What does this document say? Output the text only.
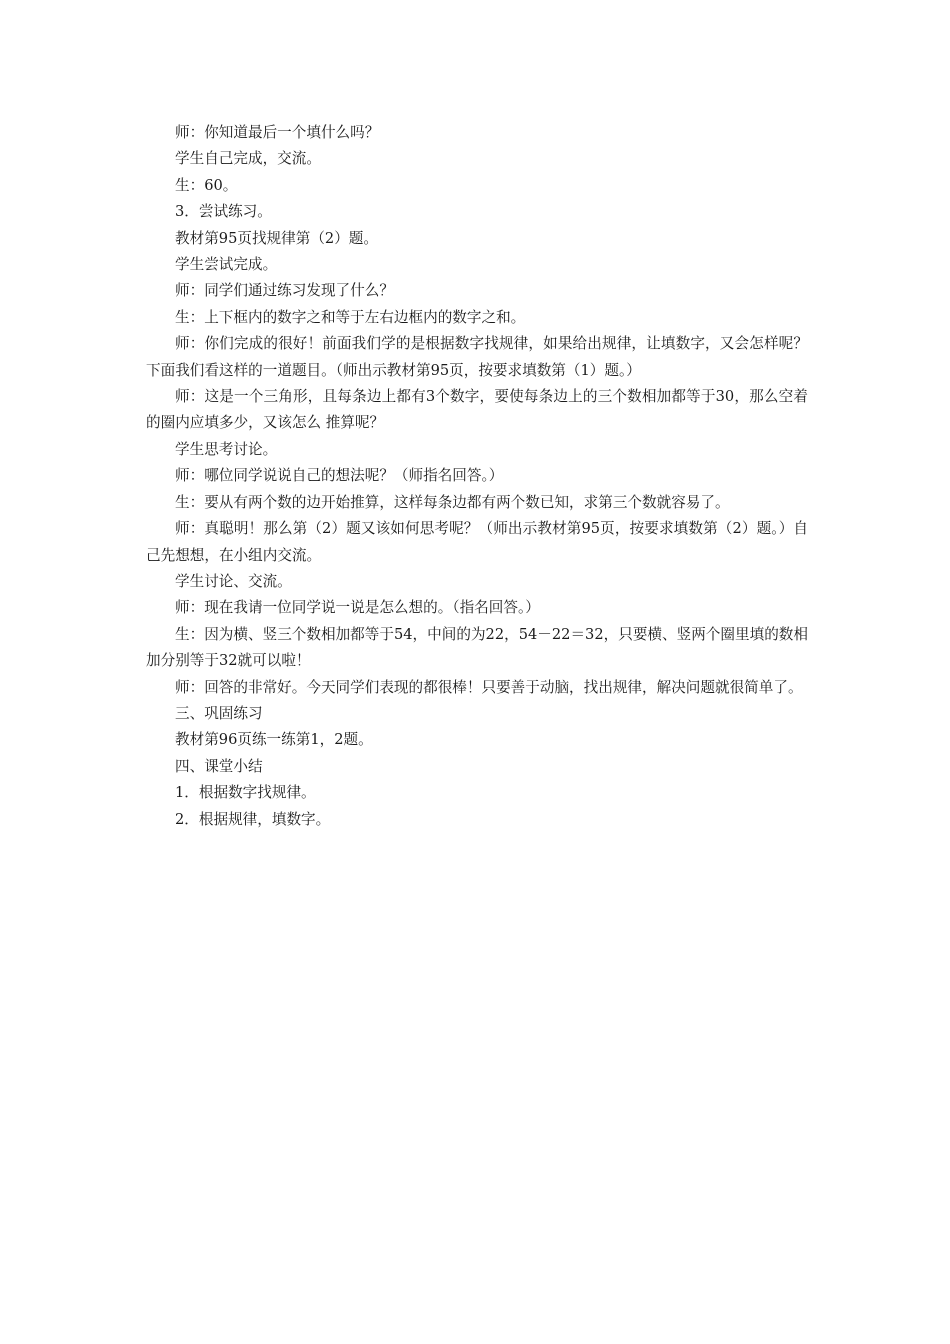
师：你知道最后一个填什么吗？

学生自己完成，交流。

生：60。

3．尝试练习。

教材第95页找规律第（2）题。

学生尝试完成。

师：同学们通过练习发现了什么？

生：上下框内的数字之和等于左右边框内的数字之和。

师：你们完成的很好！前面我们学的是根据数字找规律，如果给出规律，让填数字，又会怎样呢？下面我们看这样的一道题目。（师出示教材第95页，按要求填数第（1）题。）

师：这是一个三角形，且每条边上都有3个数字，要使每条边上的三个数相加都等于30，那么空着的圈内应填多少，又该怎么 推算呢？

学生思考讨论。

师：哪位同学说说自己的想法呢？（师指名回答。）

生：要从有两个数的边开始推算，这样每条边都有两个数已知，求第三个数就容易了。

师：真聪明！那么第（2）题又该如何思考呢？（师出示教材第95页，按要求填数第（2）题。）自己先想想，在小组内交流。

学生讨论、交流。

师：现在我请一位同学说一说是怎么想的。（指名回答。）

生：因为横、竖三个数相加都等于54，中间的为22，54－22＝32，只要横、竖两个圈里填的数相加分别等于32就可以啦！

师：回答的非常好。今天同学们表现的都很棒！只要善于动脑，找出规律，解决问题就很简单了。

三、巩固练习

教材第96页练一练第1，2题。

四、课堂小结

1．根据数字找规律。

2．根据规律，填数字。
